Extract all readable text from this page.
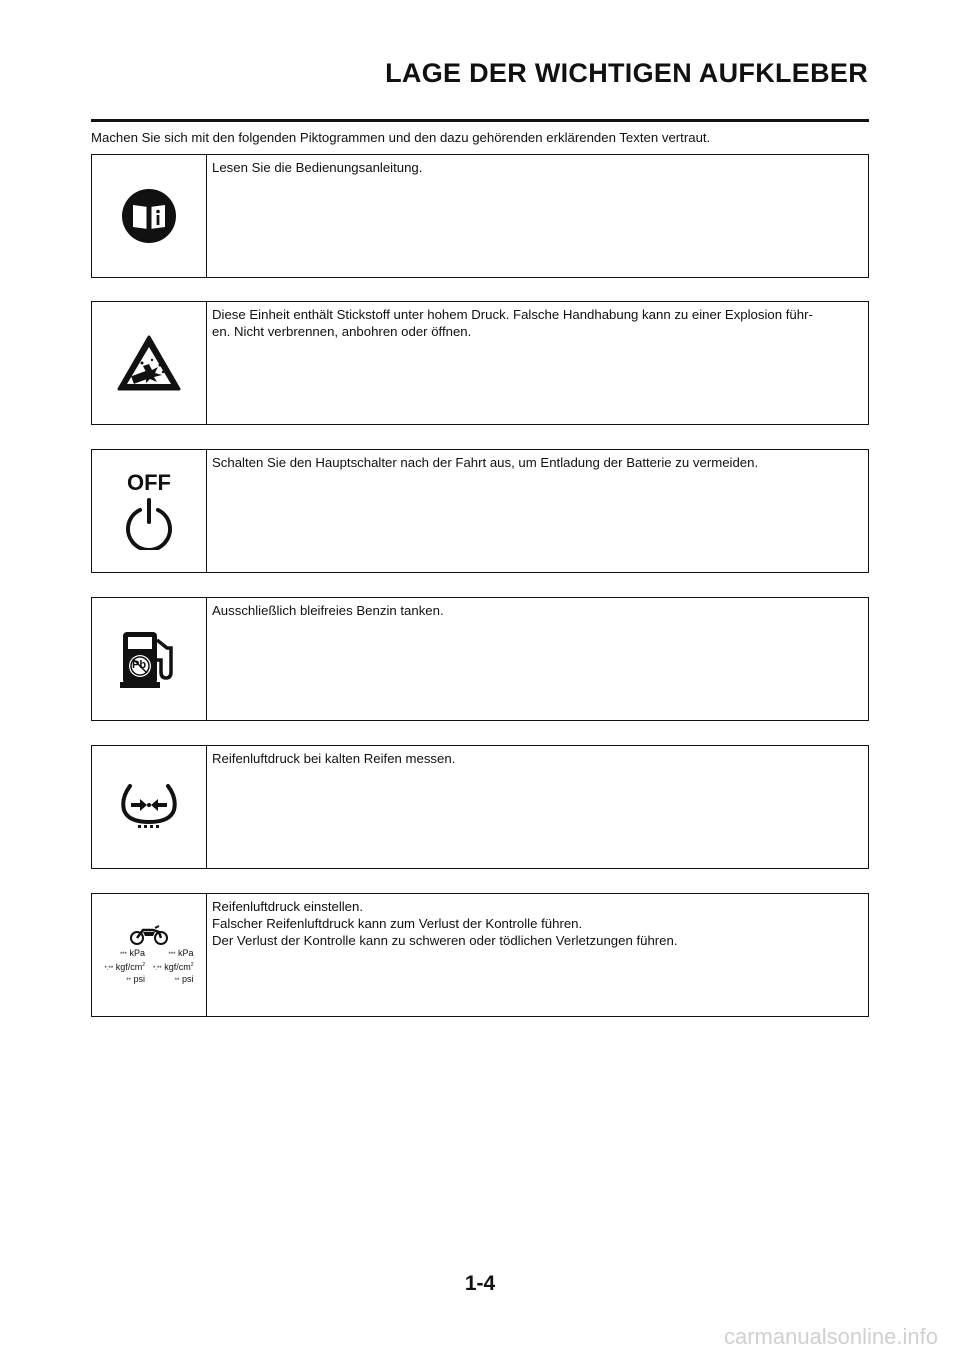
LAGE DER WICHTIGEN AUFKLEBER
Machen Sie sich mit den folgenden Piktogrammen und den dazu gehörenden erklärenden Texten vertraut.
Lesen Sie die Bedienungsanleitung.
Diese Einheit enthält Stickstoff unter hohem Druck. Falsche Handhabung kann zu einer Explosion führ-
en. Nicht verbrennen, anbohren oder öffnen.
OFF
Schalten Sie den Hauptschalter nach der Fahrt aus, um Entladung der Batterie zu vermeiden.
Pb
Ausschließlich bleifreies Benzin tanken.
Reifenluftdruck bei kalten Reifen messen.
*** kPa
*.** kgf/$cm^2$
** psi
*** kPa
*.** kgf/$cm^2$
** psi
Reifenluftdruck einstellen.
Falscher Reifenluftdruck kann zum Verlust der Kontrolle führen.
Der Verlust der Kontrolle kann zu schweren oder tödlichen Verletzungen führen.
1-4
carmanualsonline.info
